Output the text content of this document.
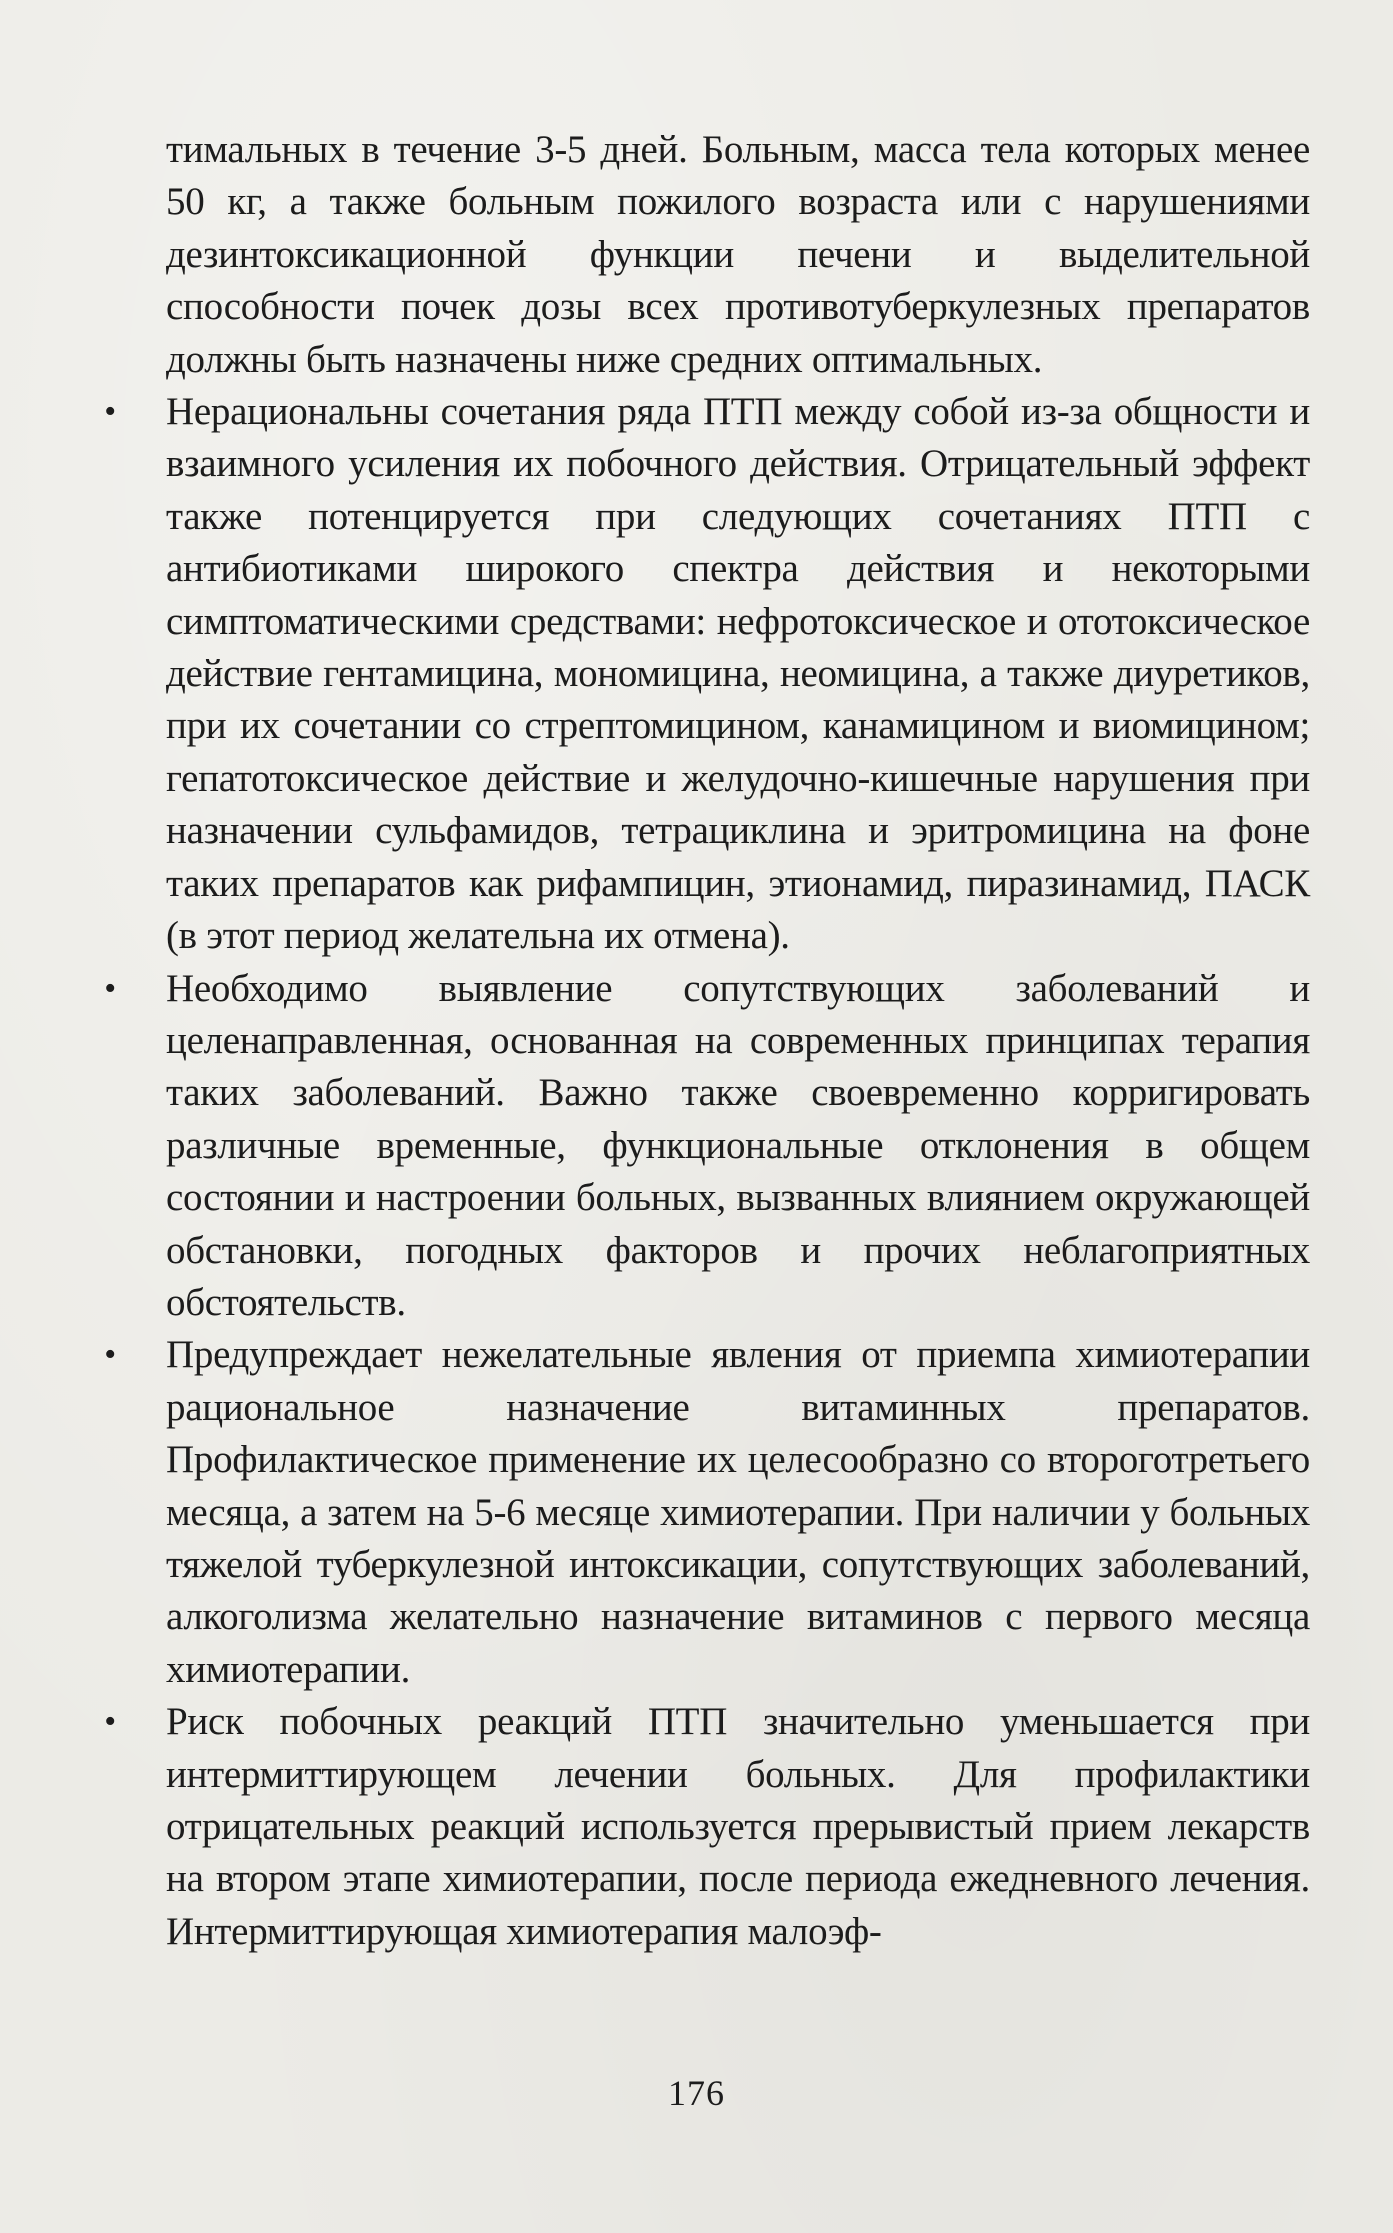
тимальных в течение 3-5 дней. Больным, масса тела которых менее 50 кг, а также больным пожилого возраста или с нарушениями дезинтоксикационной функции печени и выделительной способности почек дозы всех противотуберкулезных препаратов должны быть назначены ниже средних оптимальных.

•	Нерациональны сочетания ряда ПТП между собой из-за общности и взаимного усиления их побочного действия. Отрицательный эффект также потенцируется при следующих сочетаниях ПТП с антибиотиками широкого спектра действия и некоторыми симптоматическими средствами: нефротоксическое и ототоксическое действие гентамицина, мономицина, неомицина, а также диуретиков, при их сочетании со стрептомицином, канамицином и виомицином; гепатотоксическое действие и желудочно-кишечные нарушения при назначении сульфамидов, тетрациклина и эритромицина на фоне таких препаратов как рифампицин, этионамид, пиразинамид, ПАСК (в этот период желательна их отмена).
•	Необходимо выявление сопутствующих заболеваний и целенаправленная, основанная на современных принципах терапия таких заболеваний. Важно также своевременно корригировать различные временные, функциональные отклонения в общем состоянии и настроении больных, вызванных влиянием окружающей обстановки, погодных факторов и прочих неблагоприятных обстоятельств.
•	Предупреждает нежелательные явления от приемпа химиотерапии рациональное назначение витаминных препаратов. Профилактическое применение их целесообразно со второготретьего месяца, а затем на 5-6 месяце химиотерапии. При наличии у больных тяжелой туберкулезной интоксикации, сопутствующих заболеваний, алкоголизма желательно назначение витаминов с первого месяца химиотерапии.
•	Риск побочных реакций ПТП значительно уменьшается при интермиттирующем лечении больных. Для профилактики отрицательных реакций используется прерывистый прием лекарств на втором этапе химиотерапии, после периода ежедневного лечения. Интермиттирующая химиотерапия малоэф-
176
